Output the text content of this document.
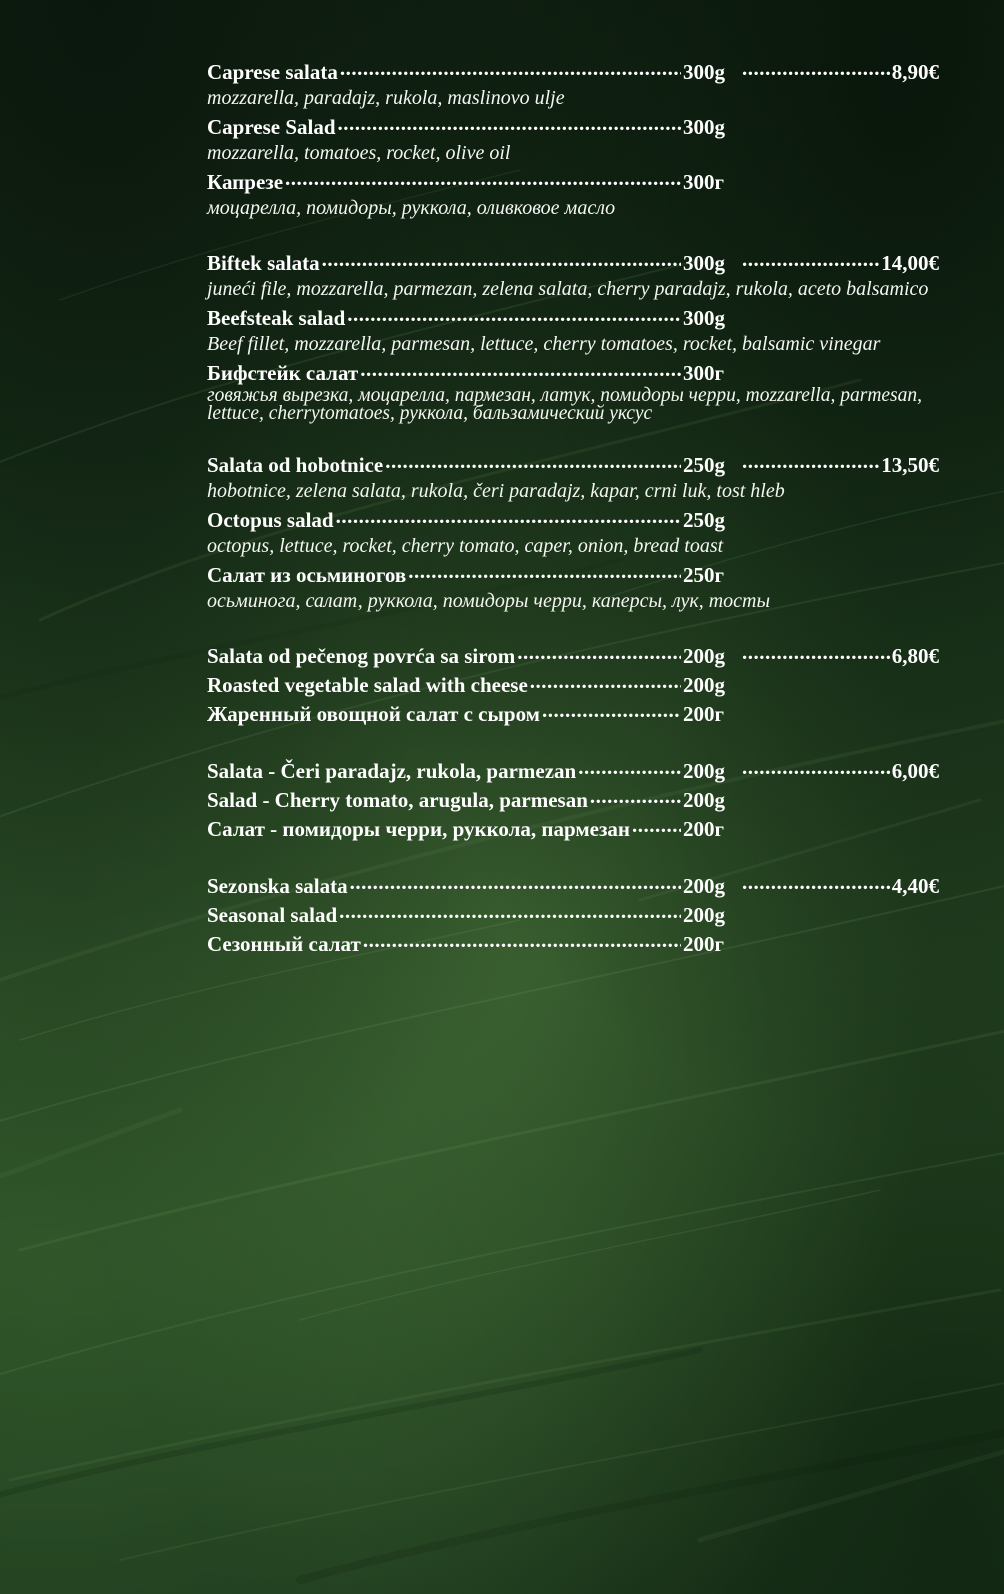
Caprese salata .....	300g .....	8,90€
mozzarella, paradajz, rukola, maslinovo ulje
Caprese Salad .....	300g
mozzarella, tomatoes, rocket, olive oil
Капрезе .....	300г
моцарелла, помидоры, руккола, оливковое масло
Biftek salata .....	300g .....	14,00€
juneći file, mozzarella, parmezan, zelena salata, cherry paradajz, rukola, aceto balsamico
Beefsteak salad .....	300g
Beef fillet, mozzarella, parmesan, lettuce, cherry tomatoes, rocket, balsamic vinegar
Бифстейк салат .....	300г
говяжья вырезка, моцарелла, пармезан, латук, помидоры черри, mozzarella, parmesan, lettuce, cherrytomatoes, руккола, бальзамический уксус
Salata od hobotnice .....	250g .....	13,50€
hobotnice, zelena salata, rukola, čeri paradajz, kapar, crni luk, tost hleb
Octopus salad .....	250g
octopus, lettuce, rocket, cherry tomato, caper, onion, bread toast
Салат из осьминогов .....	250г
осьминога, салат, руккола, помидоры черри, каперсы, лук, тосты
Salata od pečenog povrća sa sirom .....	200g .....	6,80€
Roasted vegetable salad with cheese .....	200g
Жаренный овощной салат с сыром .....	200г
Salata - Čeri paradajz, rukola, parmezan .....	200g .....	6,00€
Salad - Cherry tomato, arugula, parmesan .....	200g
Салат - помидоры черри, руккола, пармезан .....	200г
Sezonska salata .....	200g .....	4,40€
Seasonal salad .....	200g
Сезонный салат .....	200г
